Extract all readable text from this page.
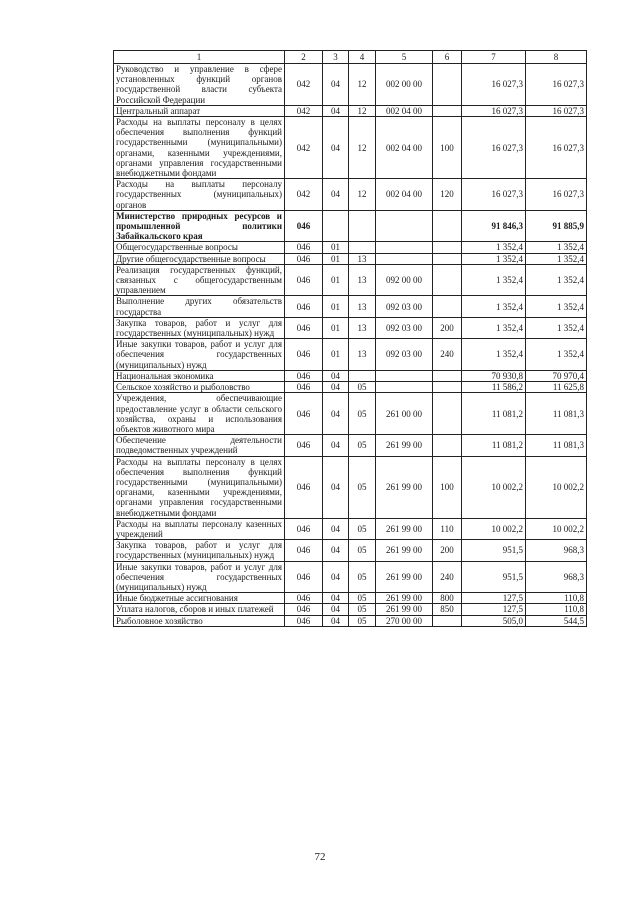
1	2	3	4	5	6	7	8
Руководство и управление в сфере установленных функций органов государственной власти субъекта Российской Федерации	042	04	12	002 00 00		16 027,3	16 027,3
Центральный аппарат	042	04	12	002 04 00		16 027,3	16 027,3
Расходы на выплаты персоналу в целях обеспечения выполнения функций государственными (муниципальными) органами, казенными учреждениями, органами управления государственными внебюджетными фондами	042	04	12	002 04 00	100	16 027,3	16 027,3
Расходы на выплаты персоналу государственных (муниципальных) органов	042	04	12	002 04 00	120	16 027,3	16 027,3
Министерство природных ресурсов и промышленной политики Забайкальского края	046					91 846,3	91 885,9
Общегосударственные вопросы	046	01				1 352,4	1 352,4
Другие общегосударственные вопросы	046	01	13			1 352,4	1 352,4
Реализация государственных функций, связанных с общегосударственным управлением	046	01	13	092 00 00		1 352,4	1 352,4
Выполнение других обязательств государства	046	01	13	092 03 00		1 352,4	1 352,4
Закупка товаров, работ и услуг для государственных (муниципальных) нужд	046	01	13	092 03 00	200	1 352,4	1 352,4
Иные закупки товаров, работ и услуг для обеспечения государственных (муниципальных) нужд	046	01	13	092 03 00	240	1 352,4	1 352,4
Национальная экономика	046	04				70 930,8	70 970,4
Сельское хозяйство и рыболовство	046	04	05			11 586,2	11 625,8
Учреждения, обеспечивающие предоставление услуг в области сельского хозяйства, охраны и использования объектов животного мира	046	04	05	261 00 00		11 081,2	11 081,3
Обеспечение деятельности подведомственных учреждений	046	04	05	261 99 00		11 081,2	11 081,3
Расходы на выплаты персоналу в целях обеспечения выполнения функций государственными (муниципальными) органами, казенными учреждениями, органами управления государственными внебюджетными фондами	046	04	05	261 99 00	100	10 002,2	10 002,2
Расходы на выплаты персоналу казенных учреждений	046	04	05	261 99 00	110	10 002,2	10 002,2
Закупка товаров, работ и услуг для государственных (муниципальных) нужд	046	04	05	261 99 00	200	951,5	968,3
Иные закупки товаров, работ и услуг для обеспечения государственных (муниципальных) нужд	046	04	05	261 99 00	240	951,5	968,3
Иные бюджетные ассигнования	046	04	05	261 99 00	800	127,5	110,8
Уплата налогов, сборов и иных платежей	046	04	05	261 99 00	850	127,5	110,8
Рыболовное хозяйство	046	04	05	270 00 00		505,0	544,5
72
